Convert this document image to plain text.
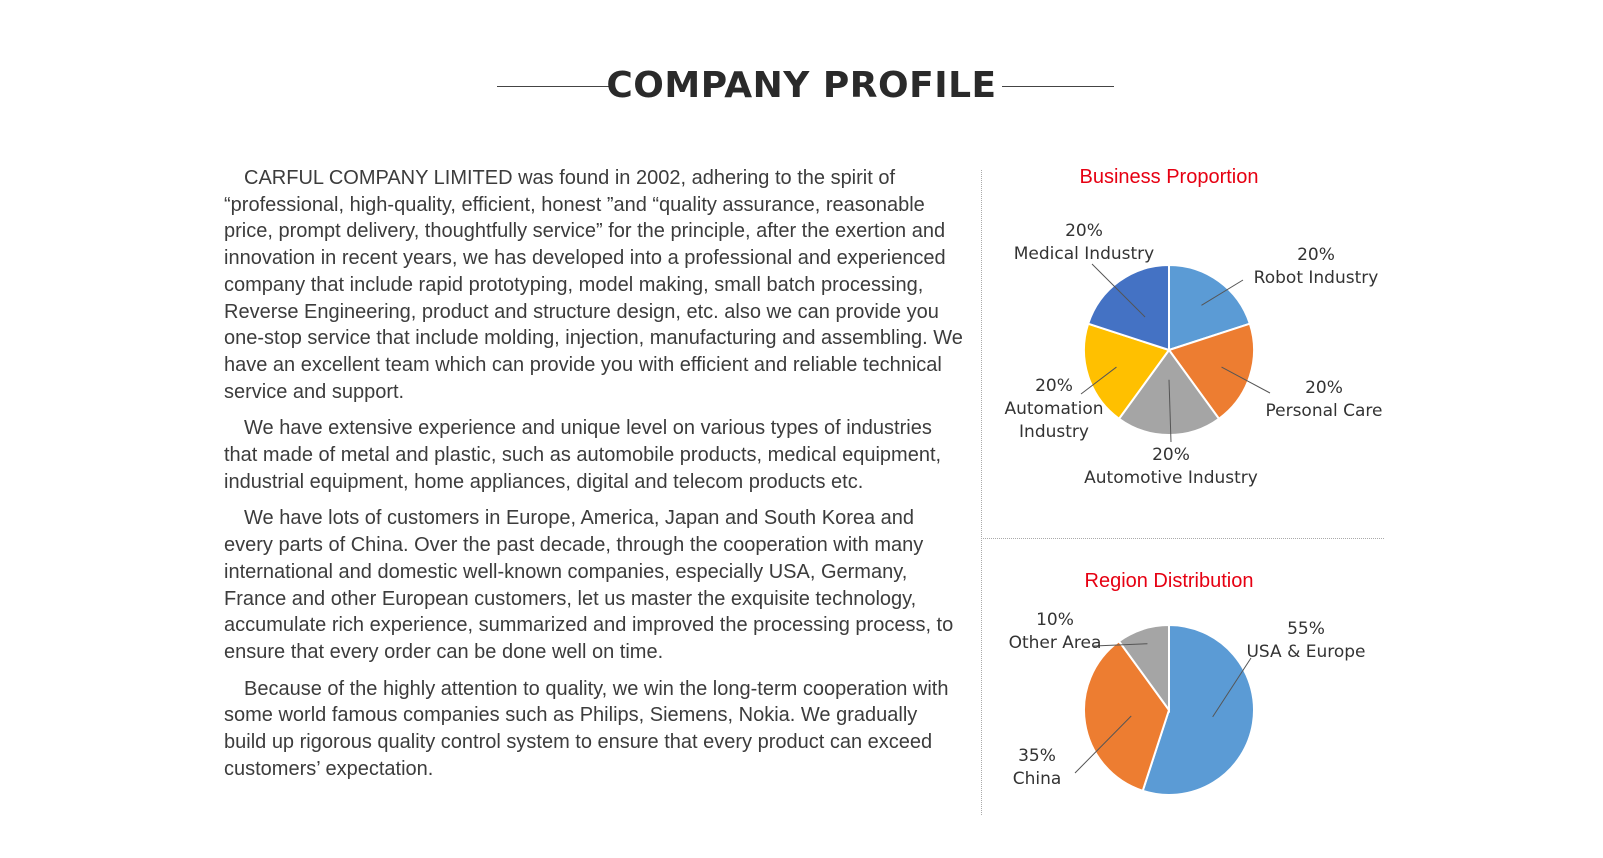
COMPANY PROFILE

CARFUL COMPANY LIMITED was found in 2002, adhering to the spirit of “professional, high-quality, efficient, honest ”and “quality assurance, reasonable price, prompt delivery, thoughtfully service” for the principle, after the exertion and innovation in recent years, we has developed into a professional and experienced company that include rapid prototyping, model making, small batch processing, Reverse Engineering, product and structure design, etc. also we can provide you one-stop service that include molding, injection, manufacturing and assembling. We have an excellent team which can provide you with efficient and reliable technical service and support.

We have extensive experience and unique level on various types of industries that made of metal and plastic, such as automobile products, medical equipment, industrial equipment, home appliances, digital and telecom products etc.

We have lots of customers in Europe, America, Japan and South Korea and every parts of China. Over the past decade, through the cooperation with many international and domestic well-known companies, especially USA, Germany, France and other European customers, let us master the exquisite technology, accumulate rich experience, summarized and improved the processing process, to ensure that every order can be done well on time.

Because of the highly attention to quality, we win the long-term cooperation with some world famous companies such as Philips, Siemens, Nokia. We gradually build up rigorous quality control system to ensure that every product can exceed customers’ expectation.

Business Proportion
20%
Robot Industry
20%
Personal Care
20%
Automotive Industry
20%
Automation
Industry
20%
Medical Industry
Region Distribution
55%
USA & Europe
35%
China
10%
Other Area
